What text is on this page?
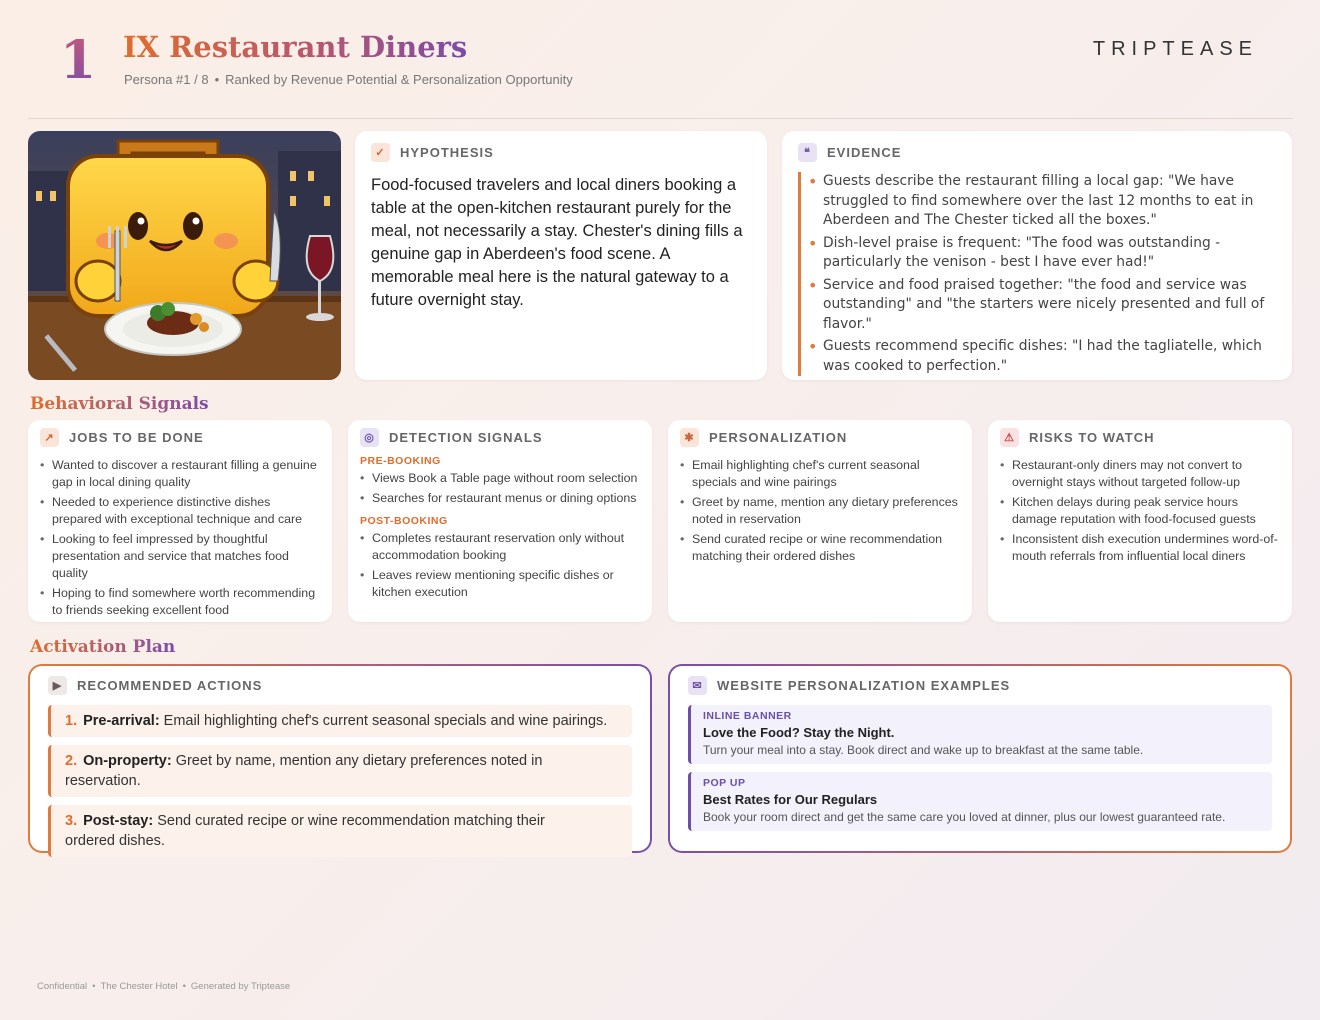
1 IX Restaurant Diners
Persona #1 / 8 • Ranked by Revenue Potential & Personalization Opportunity
TRIPTEASE
✓	HYPOTHESIS
Food-focused travelers and local diners booking a table at the open-kitchen restaurant purely for the meal, not necessarily a stay. Chester's dining fills a genuine gap in Aberdeen's food scene. A memorable meal here is the natural gateway to a future overnight stay.
❝	EVIDENCE
• Guests describe the restaurant filling a local gap: "We have struggled to find somewhere over the last 12 months to eat in Aberdeen and The Chester ticked all the boxes."
• Dish-level praise is frequent: "The food was outstanding - particularly the venison - best I have ever had!"
• Service and food praised together: "the food and service was outstanding" and "the starters were nicely presented and full of flavor."
• Guests recommend specific dishes: "I had the tagliatelle, which was cooked to perfection."
Behavioral Signals
↗	JOBS TO BE DONE
• Wanted to discover a restaurant filling a genuine gap in local dining quality
• Needed to experience distinctive dishes prepared with exceptional technique and care
• Looking to feel impressed by thoughtful presentation and service that matches food quality
• Hoping to find somewhere worth recommending to friends seeking excellent food
◎	DETECTION SIGNALS
PRE-BOOKING
• Views Book a Table page without room selection
• Searches for restaurant menus or dining options
POST-BOOKING
• Completes restaurant reservation only without accommodation booking
• Leaves review mentioning specific dishes or kitchen execution
✱	PERSONALIZATION
• Email highlighting chef's current seasonal specials and wine pairings
• Greet by name, mention any dietary preferences noted in reservation
• Send curated recipe or wine recommendation matching their ordered dishes
⚠	RISKS TO WATCH
• Restaurant-only diners may not convert to overnight stays without targeted follow-up
• Kitchen delays during peak service hours damage reputation with food-focused guests
• Inconsistent dish execution undermines word-of-mouth referrals from influential local diners
Activation Plan
▶	RECOMMENDED ACTIONS
1. Pre-arrival: Email highlighting chef's current seasonal specials and wine pairings.
2. On-property: Greet by name, mention any dietary preferences noted in reservation.
3. Post-stay: Send curated recipe or wine recommendation matching their ordered dishes.
✉	WEBSITE PERSONALIZATION EXAMPLES
INLINE BANNER
Love the Food? Stay the Night.
Turn your meal into a stay. Book direct and wake up to breakfast at the same table.
POP UP
Best Rates for Our Regulars
Book your room direct and get the same care you loved at dinner, plus our lowest guaranteed rate.
Confidential • The Chester Hotel • Generated by Triptease
